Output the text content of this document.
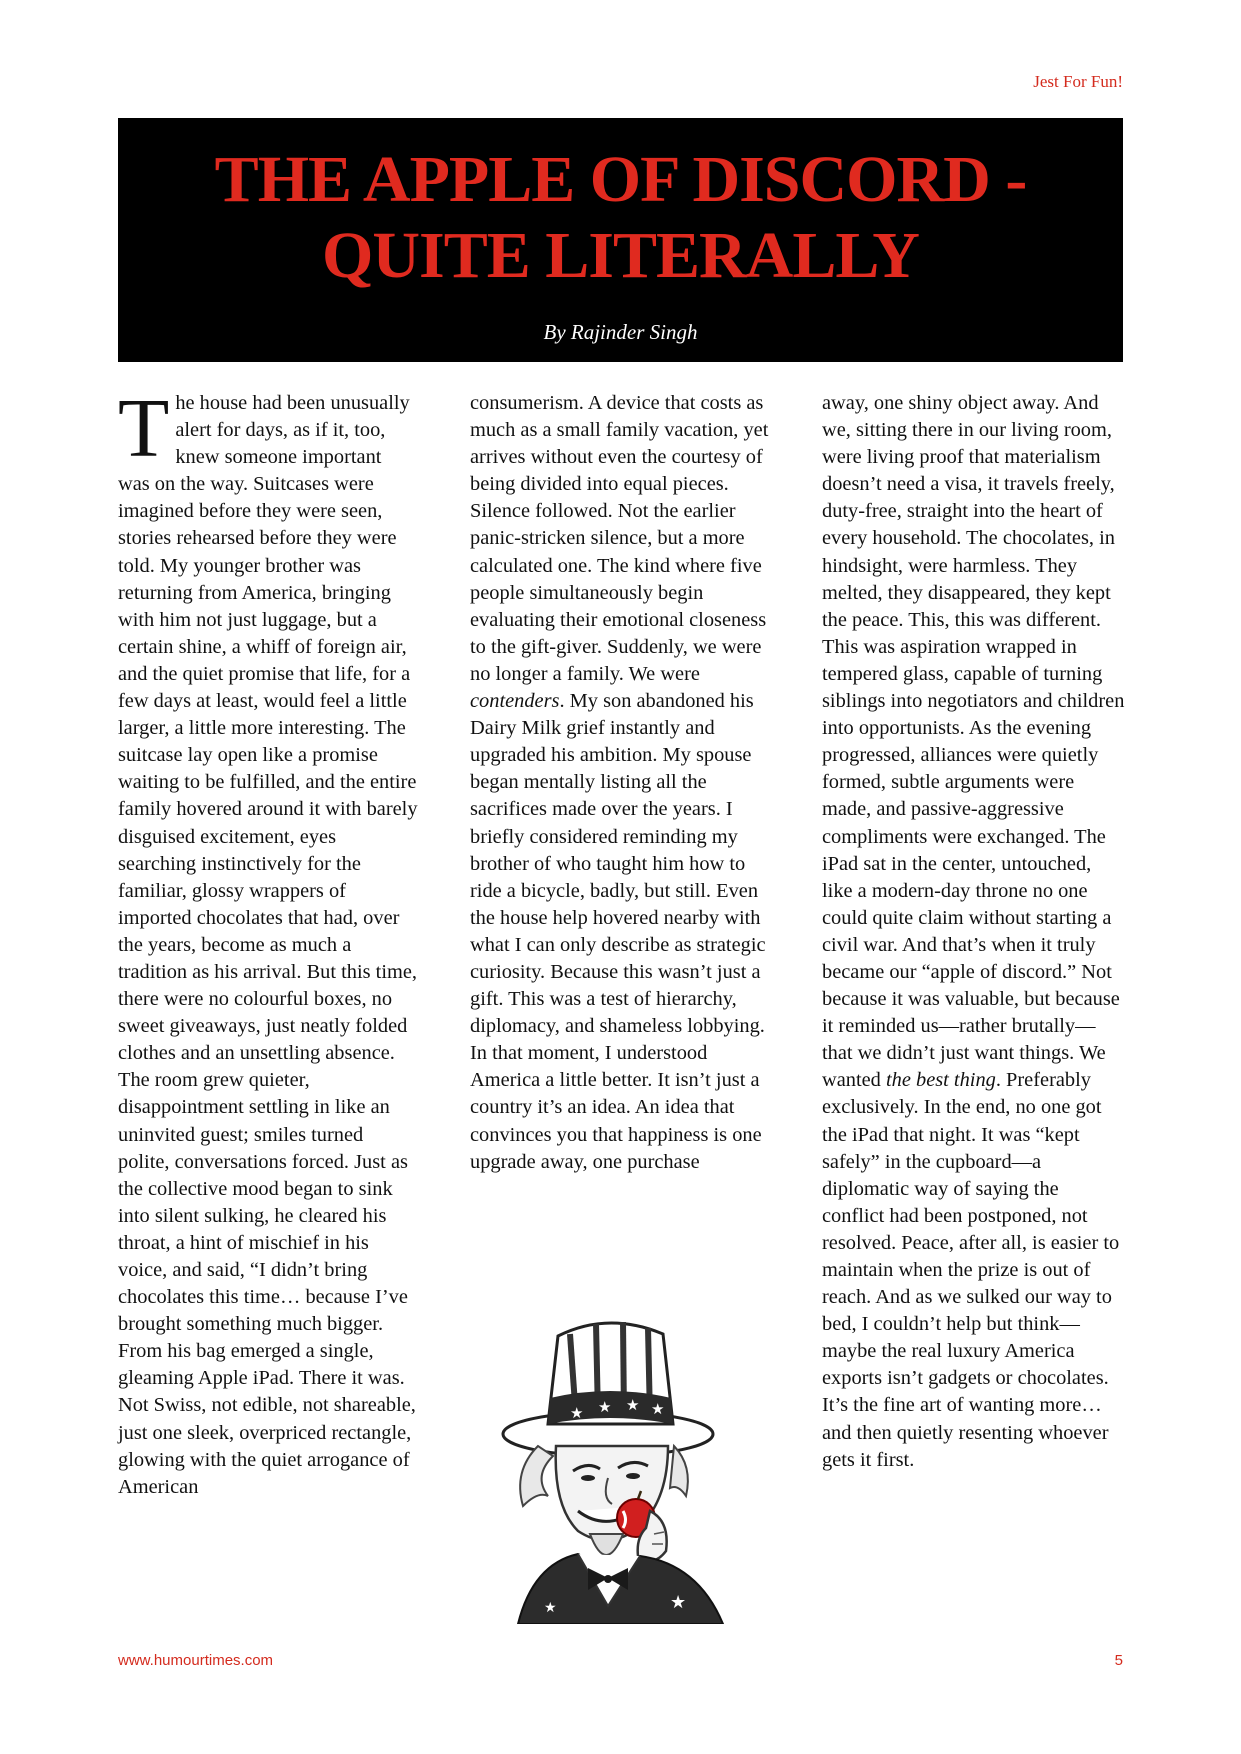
Jest For Fun!
THE APPLE OF DISCORD -
QUITE LITERALLY
By Rajinder Singh

The house had been unusually alert for days, as if it, too, knew someone important was on the way. Suitcases were imagined before they were seen, stories rehearsed before they were told. My younger brother was returning from America, bringing with him not just luggage, but a certain shine, a whiff of foreign air, and the quiet promise that life, for a few days at least, would feel a little larger, a little more interesting. The suitcase lay open like a promise waiting to be fulfilled, and the entire family hovered around it with barely disguised excitement, eyes searching instinctively for the familiar, glossy wrappers of imported chocolates that had, over the years, become as much a tradition as his arrival. But this time, there were no colourful boxes, no sweet giveaways, just neatly folded clothes and an unsettling absence. The room grew quieter, disappointment settling in like an uninvited guest; smiles turned polite, conversations forced. Just as the collective mood began to sink into silent sulking, he cleared his throat, a hint of mischief in his voice, and said, “I didn’t bring chocolates this time… because I’ve brought something much bigger. From his bag emerged a single, gleaming Apple iPad. There it was. Not Swiss, not edible, not shareable, just one sleek, overpriced rectangle, glowing with the quiet arrogance of American

consumerism. A device that costs as much as a small family vacation, yet arrives without even the courtesy of being divided into equal pieces. Silence followed. Not the earlier panic-stricken silence, but a more calculated one. The kind where five people simultaneously begin evaluating their emotional closeness to the gift-giver. Suddenly, we were no longer a family. We were contenders. My son abandoned his Dairy Milk grief instantly and upgraded his ambition. My spouse began mentally listing all the sacrifices made over the years. I briefly considered reminding my brother of who taught him how to ride a bicycle, badly, but still. Even the house help hovered nearby with what I can only describe as strategic curiosity. Because this wasn’t just a gift. This was a test of hierarchy, diplomacy, and shameless lobbying. In that moment, I understood America a little better. It isn’t just a country it’s an idea. An idea that convinces you that happiness is one upgrade away, one purchase

★ ★ ★ ★
★
★

away, one shiny object away. And we, sitting there in our living room, were living proof that materialism doesn’t need a visa, it travels freely, duty-free, straight into the heart of every household. The chocolates, in hindsight, were harmless. They melted, they disappeared, they kept the peace. This, this was different. This was aspiration wrapped in tempered glass, capable of turning siblings into negotiators and children into opportunists. As the evening progressed, alliances were quietly formed, subtle arguments were made, and passive-aggressive compliments were exchanged. The iPad sat in the center, untouched, like a modern-day throne no one could quite claim without starting a civil war. And that’s when it truly became our “apple of discord.” Not because it was valuable, but because it reminded us—rather brutally—that we didn’t just want things. We wanted the best thing. Preferably exclusively. In the end, no one got the iPad that night. It was “kept safely” in the cupboard—a diplomatic way of saying the conflict had been postponed, not resolved. Peace, after all, is easier to maintain when the prize is out of reach. And as we sulked our way to bed, I couldn’t help but think—maybe the real luxury America exports isn’t gadgets or chocolates. It’s the fine art of wanting more… and then quietly resenting whoever gets it first.

www.humourtimes.com	5
